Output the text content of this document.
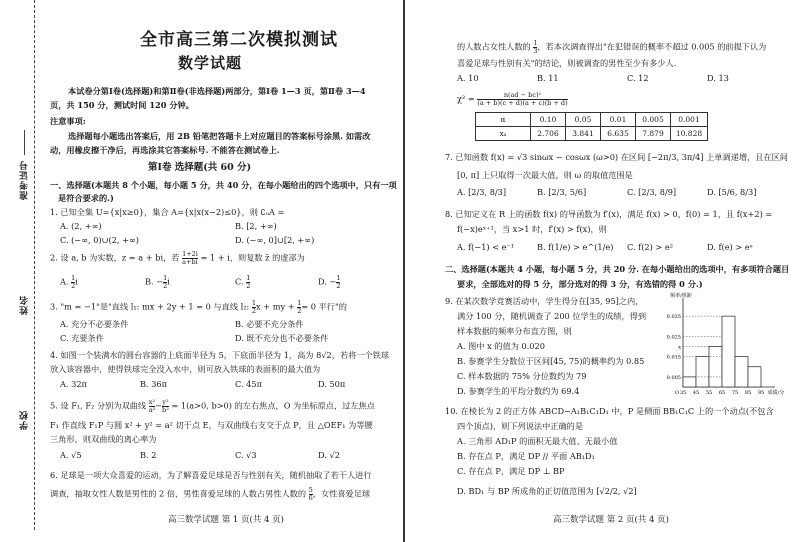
准考证号
姓名
学校
全市高三第二次模拟测试
数学试题
本试卷分第Ⅰ卷(选择题)和第Ⅱ卷(非选择题)两部分，第Ⅰ卷 1—3 页，第Ⅱ卷 3—4
页，共 150 分，测试时间 120 分钟。
注意事项:
选择题每小题选出答案后，用 2B 铅笔把答题卡上对应题目的答案标号涂黑. 如需改
动，用橡皮擦干净后，再选涂其它答案标号. 不能答在测试卷上.
第Ⅰ卷 选择题(共 60 分)
一、选择题(本题共 8 个小题，每小题 5 分，共 40 分，在每小题给出的四个选项中，只有一项
是符合要求的.)
1. 已知全集 U={x|x≥0}，集合 A={x|x(x−2)≤0}，则 ∁ᵤA =
A. (2, +∞)	B. [2, +∞)
C. (−∞, 0)∪(2, +∞)	D. (−∞, 0]∪[2, +∞)
2. 设 a, b 为实数，z = a + bi，若 $\frac{1+2i}{a+bi} = 1 + i$，则复数 z̄ 的虚部为
A. $\frac{1}{2}$ i	B. − $\frac{1}{2}$ i	C. $\frac{1}{2}$	D. − $\frac{1}{2}$
3. "m = −1"是"直线 l₁: mx + 2y + 1 = 0 与直线 l₂: $\frac{1}{2}$ x + my + $\frac{1}{2} = 0$ 平行"的
A. 充分不必要条件	B. 必要不充分条件
C. 充要条件	D. 既不充分也不必要条件
4. 如图一个装满水的圆台容器的上底面半径为 5，下底面半径为 1，高为 8√2，若将一个铁球
放入该容器中，使得铁球完全没入水中，则可放入铁球的表面积的最大值为
A. 32π	B. 36π	C. 45π	D. 50π
5. 设 F₁, F₂ 分别为双曲线 $\frac{\text{x²}}{\text{a²}} - \frac{\text{y²}}{\text{b²}} = 1(a>0$, b>0) 的左右焦点，O 为坐标原点，过左焦点
F₁ 作直线 F₁P 与圆 x² + y² = a² 切于点 E，与双曲线右支交于点 P，且 △OEF₁ 为等腰
三角形，则双曲线的离心率为
A. √5	B. 2	C. √3	D. √2
6. 足球是一项大众喜爱的运动，为了解喜爱足球是否与性别有关，随机抽取了若干人进行
调查，抽取女性人数是男性的 2 倍，男性喜爱足球的人数占男性人数的 $\frac{5}{6}$ ，女性喜爱足球
高三数学试题 第 1 页(共 4 页)
的人数占女性人数的 $\frac{1}{3}$ ，若本次调查得出"在犯错误的概率不超过 0.005 的前提下认为
喜爱足球与性别有关"的结论，则被调查的男性至少有多少人.
A. 10	B. 11	C. 12	D. 13
$\chi^2 = \frac{\text{n(ad − bc)²}}{(a + b)(c + d)(a + c)(b + d)}$
α	0.10	0.05	0.01	0.005	0.001
xₐ	2.706	3.841	6.635	7.879	10.828
7. 已知函数 f(x) = √3 sinωx − cosωx (ω>0) 在区间 [−2π/3, 3π/4] 上单调递增，且在区间
[0, π] 上只取得一次最大值，则 ω 的取值范围是
A. [2/3, 8/3]	B. [2/3, 5/6]	C. [2/3, 8/9]	D. [5/6, 8/3]
8. 已知定义在 R 上的函数 f(x) 的导函数为 f′(x)，满足 f(x) > 0，f(0) = 1，且 f(x+2) =
f(−x)eˣ⁺¹，当 x>1 时，f′(x) > f(x)，则
A. f(−1) < e⁻¹	B. f(1/e) > e^(1/e) C. f(2) > e²	D. f(e) > eᵉ
二、选择题(本题共 4 小题，每小题 5 分，共 20 分. 在每小题给出的选项中，有多项符合题目
要求，全部选对的得 5 分，部分选对的得 3 分，有选错的得 0 分.)
9. 在某次数学竞赛活动中，学生得分在[35, 95]之内，
满分 100 分，随机调查了 200 位学生的成绩，得到
样本数据的频率分布直方图，则
A. 图中 x 的值为 0.020
B. 参赛学生分数位于区间[45, 75)的概率约为 0.85
C. 样本数据的 75% 分位数约为 79
D. 参赛学生的平均分数约为 69.4
0.035
0.025
0.015
x
0.005
35 45 55 65 75 85 95
O
频率/组距
成绩/分
10. 在棱长为 2 的正方体 ABCD−A₁B₁C₁D₁ 中，P 是侧面 BB₁C₁C 上的一个动点(不包含
四个顶点)，则下列说法中正确的是
A. 三角形 AD₁P 的面积无最大值、无最小值
B. 存在点 P，满足 DP // 平面 AB₁D₁
C. 存在点 P，满足 DP ⊥ BP
D. BD₁ 与 BP 所成角的正切值范围为 [√2/2, √2]
高三数学试题 第 2 页(共 4 页)
